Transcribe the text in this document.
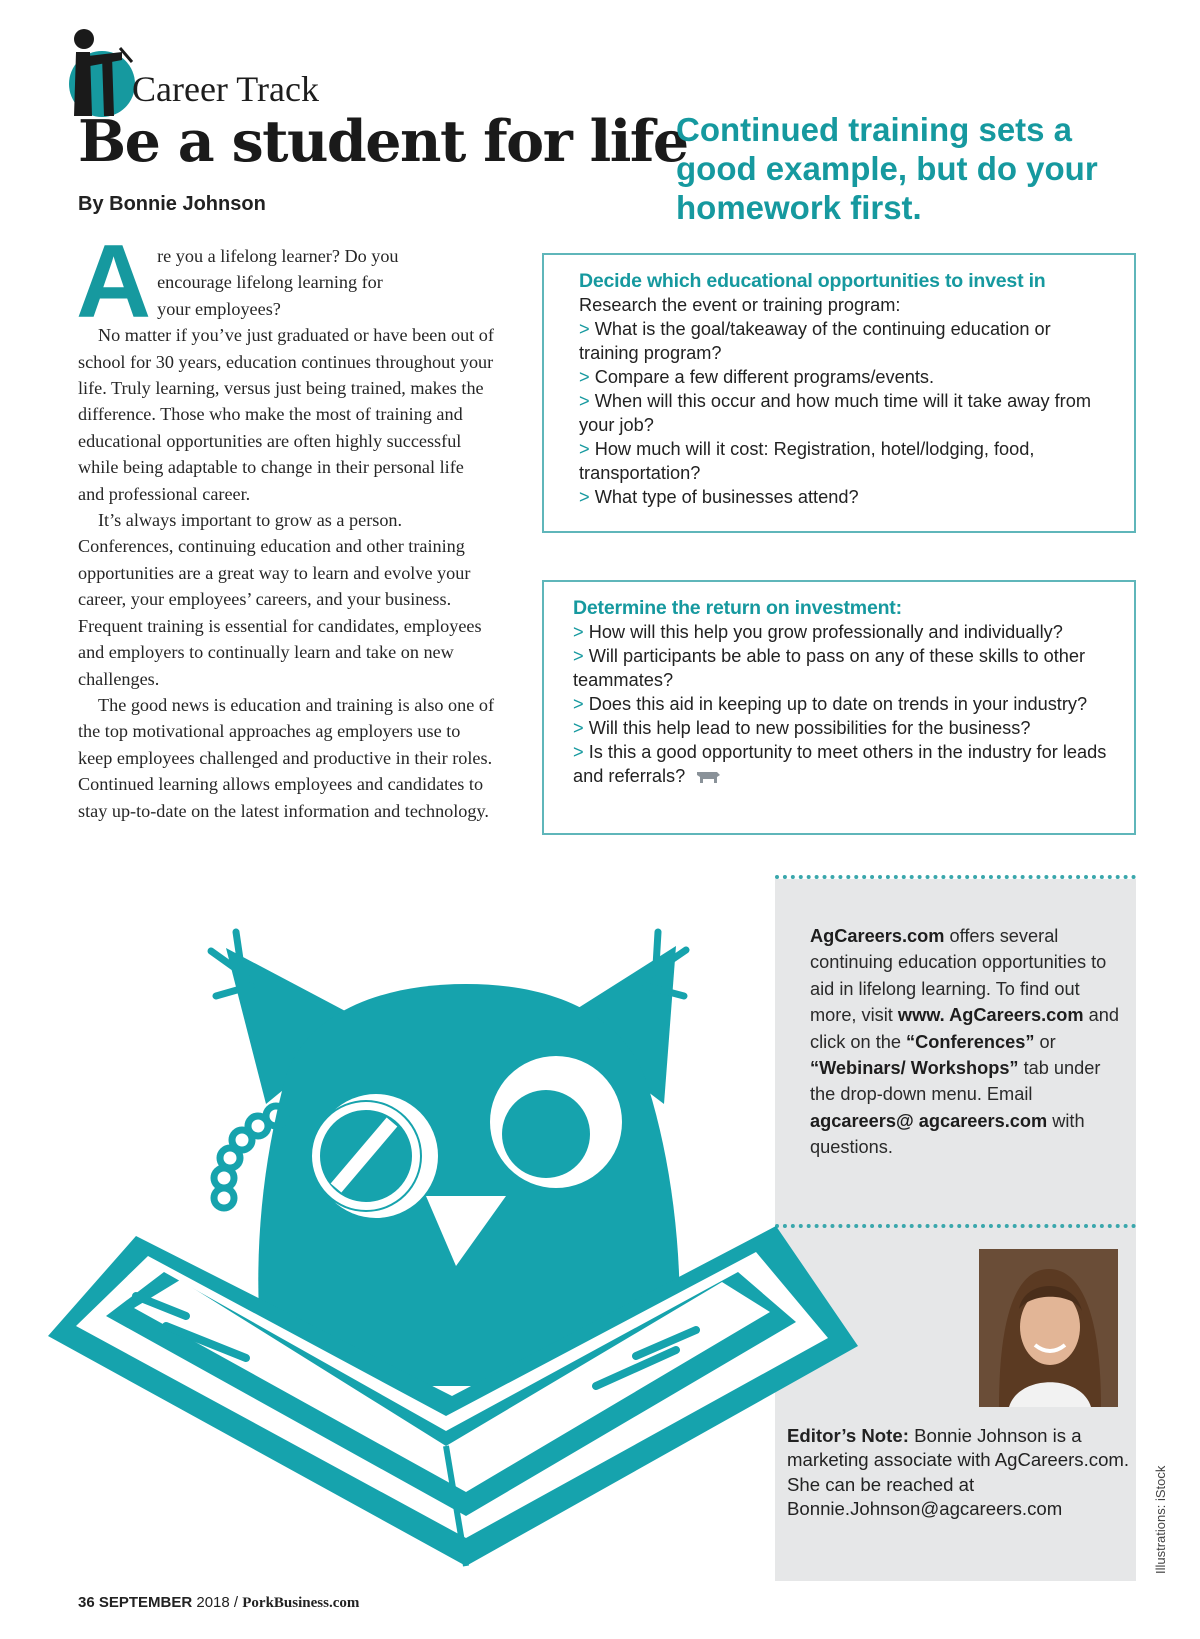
Career Track
Be a student for life
By Bonnie Johnson
Continued training sets a good example, but do your homework first.

A re you a lifelong learner? Do you
encourage lifelong learning for
your employees?

No matter if you’ve just graduated or have been out of school for 30 years, education continues throughout your life. Truly learning, versus just being trained, makes the difference. Those who make the most of training and educational opportunities are often highly successful while being adaptable to change in their personal life and professional career.

It’s always important to grow as a person. Conferences, continuing education and other training opportunities are a great way to learn and evolve your career, your employees’ careers, and your business. Frequent training is essential for candidates, employees and employers to continually learn and take on new challenges.

The good news is education and training is also one of the top motivational approaches ag employers use to keep employees challenged and productive in their roles. Continued learning allows employees and candidates to stay up-to-date on the latest information and technology.

Decide which educational opportunities to invest in
Research the event or training program:
> What is the goal/takeaway of the continuing education or training program?
> Compare a few different programs/events.
> When will this occur and how much time will it take away from your job?
> How much will it cost: Registration, hotel/lodging, food, transportation?
> What type of businesses attend?
Determine the return on investment:
> How will this help you grow professionally and individually?
> Will participants be able to pass on any of these skills to other teammates?
> Does this aid in keeping up to date on trends in your industry?
> Will this help lead to new possibilities for the business?
> Is this a good opportunity to meet others in the industry for leads and referrals?
AgCareers.com offers several continuing education opportunities to aid in lifelong learning. To find out more, visit www. AgCareers.com and click on the “Conferences” or “Webinars/ Workshops” tab under the drop-down menu. Email agcareers@ agcareers.com with questions.
Editor’s Note: Bonnie Johnson is a marketing associate with AgCareers.com. She can be reached at Bonnie.Johnson@agcareers.com	Illustrations: iStock
36 SEPTEMBER 2018 / PorkBusiness.com
